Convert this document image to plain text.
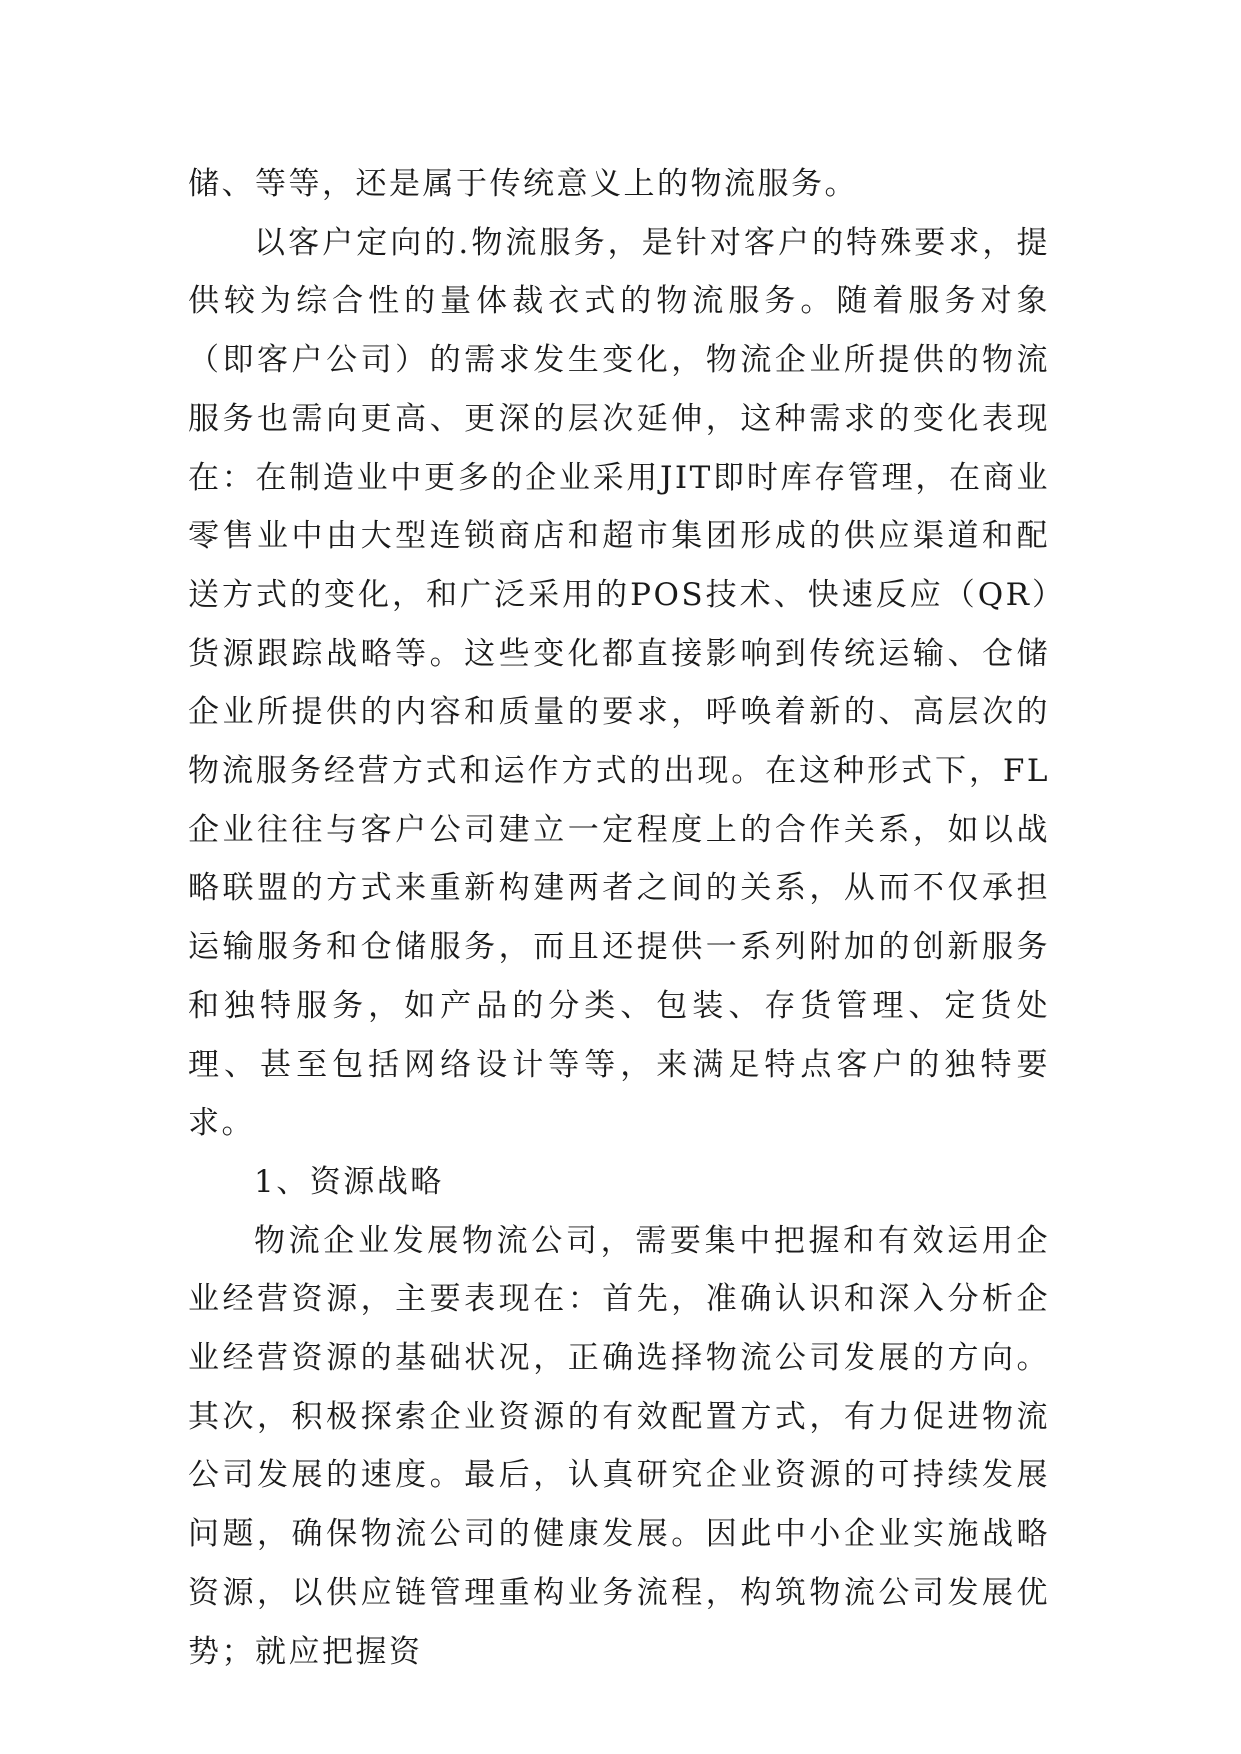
储、等等，还是属于传统意义上的物流服务。

以客户定向的.物流服务，是针对客户的特殊要求，提供较为综合性的量体裁衣式的物流服务。随着服务对象（即客户公司）的需求发生变化，物流企业所提供的物流服务也需向更高、更深的层次延伸，这种需求的变化表现在：在制造业中更多的企业采用JIT即时库存管理，在商业零售业中由大型连锁商店和超市集团形成的供应渠道和配送方式的变化，和广泛采用的POS技术、快速反应（QR）货源跟踪战略等。这些变化都直接影响到传统运输、仓储企业所提供的内容和质量的要求，呼唤着新的、高层次的物流服务经营方式和运作方式的出现。在这种形式下，FL企业往往与客户公司建立一定程度上的合作关系，如以战略联盟的方式来重新构建两者之间的关系，从而不仅承担运输服务和仓储服务，而且还提供一系列附加的创新服务和独特服务，如产品的分类、包装、存货管理、定货处理、甚至包括网络设计等等，来满足特点客户的独特要求。

1、资源战略

物流企业发展物流公司，需要集中把握和有效运用企业经营资源，主要表现在：首先，准确认识和深入分析企业经营资源的基础状况，正确选择物流公司发展的方向。其次，积极探索企业资源的有效配置方式，有力促进物流公司发展的速度。最后，认真研究企业资源的可持续发展问题，确保物流公司的健康发展。因此中小企业实施战略资源，以供应链管理重构业务流程，构筑物流公司发展优势；就应把握资
